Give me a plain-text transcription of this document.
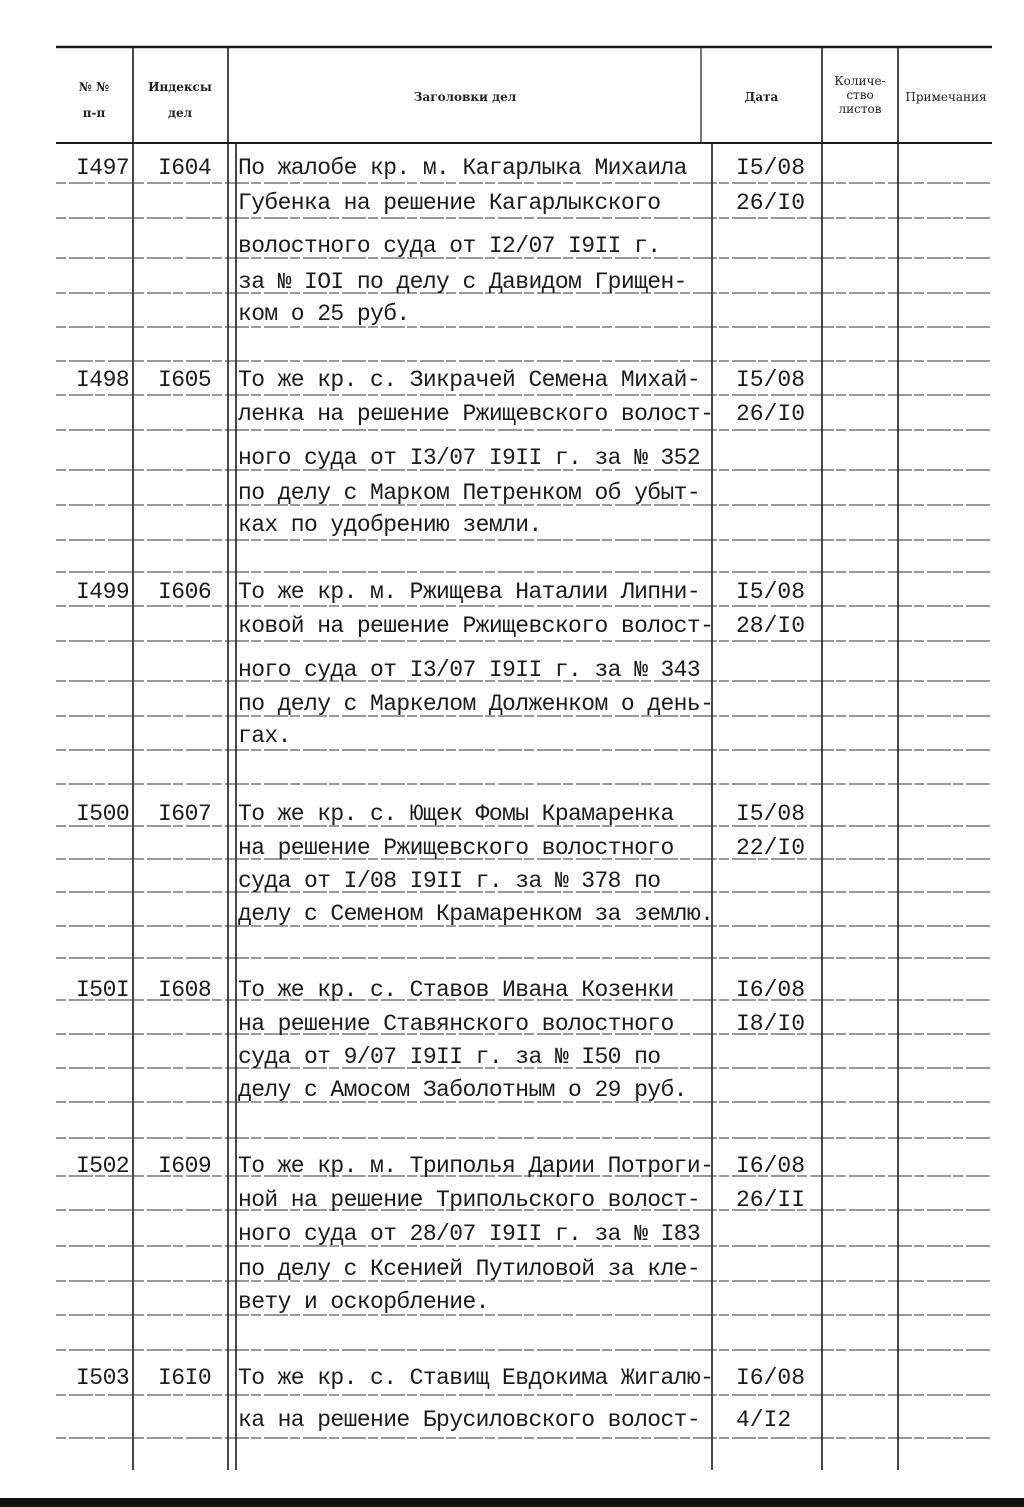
№ №
п-п
Индексы
дел
Заголовки дел	Дата
Количе-
ство
листов
Примечания
I497 I604 По жалобе кр. м. Кагарлыка Михаила
Губенка на решение Кагарлыкского
волостного суда от I2/07 I9II г.
за № IOI по делу с Давидом Грищен-
ком о 25 руб.
I5/08
26/I0
I498 I605 То же кр. с. Зикрачей Семена Михай-
ленка на решение Ржищевского волост-
ного суда от I3/07 I9II г. за № 352
по делу с Марком Петренком об убыт-
ках по удобрению земли.
I5/08
26/I0
I499 I606 То же кр. м. Ржищева Наталии Липни-
ковой на решение Ржищевского волост-
ного суда от I3/07 I9II г. за № 343
по делу с Маркелом Долженком о день-
гах.
I5/08
28/I0
I500 I607 То же кр. с. Ющек Фомы Крамаренка
на решение Ржищевского волостного
суда от I/08 I9II г. за № 378 по
делу с Семеном Крамаренком за землю.
I5/08
22/I0
I50I I608 То же кр. с. Ставов Ивана Козенки
на решение Ставянского волостного
суда от 9/07 I9II г. за № I50 по
делу с Амосом Заболотным о 29 руб.
I6/08
I8/I0
I502 I609 То же кр. м. Триполья Дарии Потроги-
ной на решение Трипольского волост-
ного суда от 28/07 I9II г. за № I83
по делу с Ксенией Путиловой за кле-
вету и оскорбление.
I6/08
26/II
I503 I6I0 То же кр. с. Ставищ Евдокима Жигалю-
ка на решение Брусиловского волост-
I6/08
4/I2
